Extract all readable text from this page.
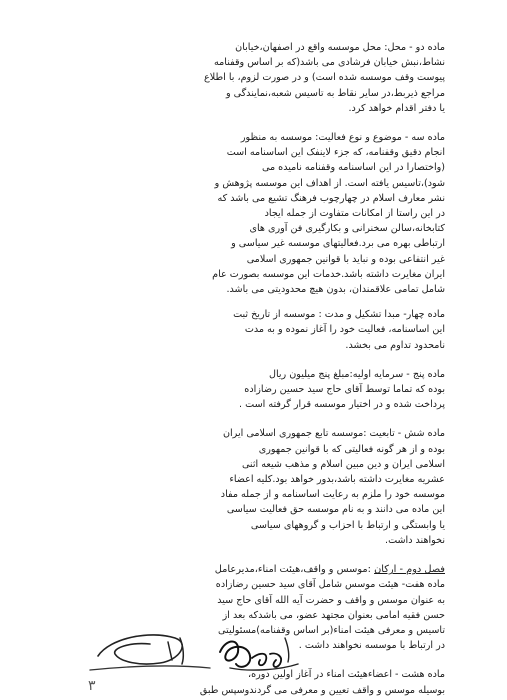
ماده دو - محل: محل موسسه واقع در اصفهان،خیابان
نشاط،نبش خیابان فرشادی می باشد(که بر اساس وقفنامه
پیوست وقف موسسه شده است) و در صورت لزوم، با اطلاع
مراجع ذیربط،در سایر نقاط به تاسیس شعبه،نمایندگی و
یا دفتر اقدام خواهد کرد.

ماده سه - موضوع و نوع فعالیت: موسسه به منظور
انجام دقیق وقفنامه، که جزء لاینفک این اساسنامه است
(واختصارا در این اساسنامه وقفنامه نامیده می
شود)،تاسیس یافته است. از اهداف این موسسه پژوهش و
نشر معارف اسلام در چهارچوب فرهنگ تشیع می باشد که
در این راستا از امکانات متفاوت از جمله ایجاد
کتابخانه،سالن سخنرانی و بکارگیری فن آوری های
ارتباطی بهره می برد.فعالیتهای موسسه غیر سیاسی و
غیر انتفاعی بوده و نباید با قوانین جمهوری اسلامی
ایران مغایرت داشته باشد.خدمات این موسسه بصورت عام
شامل تمامی علاقمندان، بدون هیچ محدودیتی می باشد.

ماده چهار- مبدا تشکیل و مدت : موسسه از تاریخ ثبت
این اساسنامه، فعالیت خود را آغاز نموده و به مدت
نامحدود تداوم می بخشد.

ماده پنج - سرمایه اولیه:مبلغ پنج میلیون ریال
بوده که تماما توسط آقای حاج سید حسین رضازاده
پرداخت شده و در اختیار موسسه قرار گرفته است .

ماده شش - تابعیت :موسسه تابع جمهوری اسلامی ایران
بوده و از هر گونه فعالیتی که با قوانین جمهوری
اسلامی ایران و دین مبین اسلام و مذهب شیعه اثنی
عشریه مغایرت داشته باشد،بدور خواهد بود.کلیه اعضاء
موسسه خود را ملزم به رعایت اساسنامه و از جمله مفاد
این ماده می دانند و به نام موسسه حق فعالیت سیاسی
یا وابستگی و ارتباط با احزاب و گروههای سیاسی
نخواهند داشت.

فصل دوم - ارکان :موسس و واقف،هیئت امناء،مدیرعامل

ماده هفت- هیئت موسس شامل آقای سید حسین رضازاده
به عنوان موسس و واقف و حضرت آیه الله آقای حاج سید
حسن فقیه امامی بعنوان مجتهد عضو، می باشدکه بعد از
تاسیس و معرفی هیئت امناء(بر اساس وقفنامه)مسئولیتی
در ارتباط با موسسه نخواهند داشت .

ماده هشت - اعضاءهیئت امناء در آغاز اولین دوره،
بوسیله موسس و واقف تعیین و معرفی می گردندوسپس طبق

۳
